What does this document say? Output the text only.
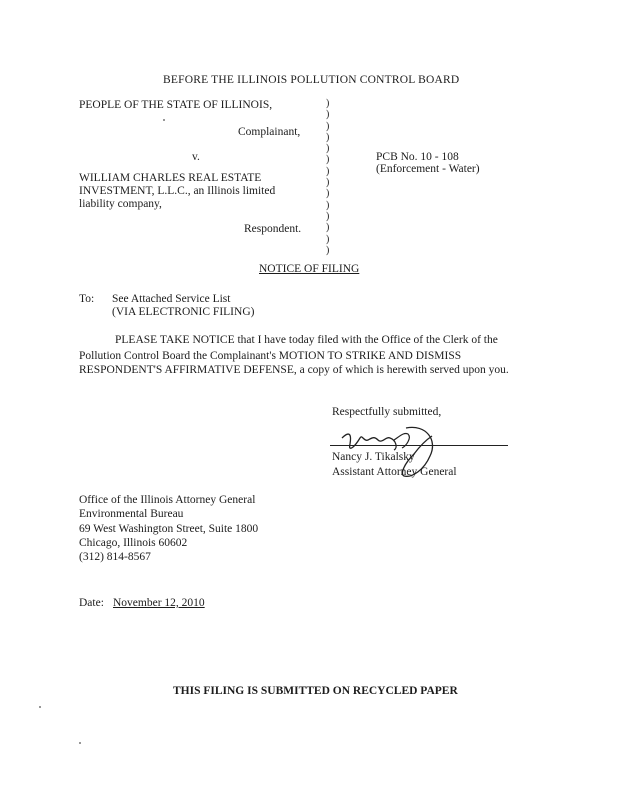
BEFORE THE ILLINOIS POLLUTION CONTROL BOARD
PEOPLE OF THE STATE OF ILLINOIS,
Complainant,
v.
WILLIAM CHARLES REAL ESTATE
INVESTMENT, L.L.C., an Illinois limited
liability company,
Respondent.
)
)
)
)
)
)
)
)
)
)
)
)
)
)
PCB No. 10 - 108
(Enforcement - Water)
NOTICE OF FILING
To: See Attached Service List
(VIA ELECTRONIC FILING)
PLEASE TAKE NOTICE that I have today filed with the Office of the Clerk of the
Pollution Control Board the Complainant's MOTION TO STRIKE AND DISMISS
RESPONDENT'S AFFIRMATIVE DEFENSE, a copy of which is herewith served upon you.
Respectfully submitted,
Nancy J. Tikalsky
Assistant Attorney General
Office of the Illinois Attorney General
Environmental Bureau
69 West Washington Street, Suite 1800
Chicago, Illinois 60602
(312) 814-8567
Date: November 12, 2010
THIS FILING IS SUBMITTED ON RECYCLED PAPER
